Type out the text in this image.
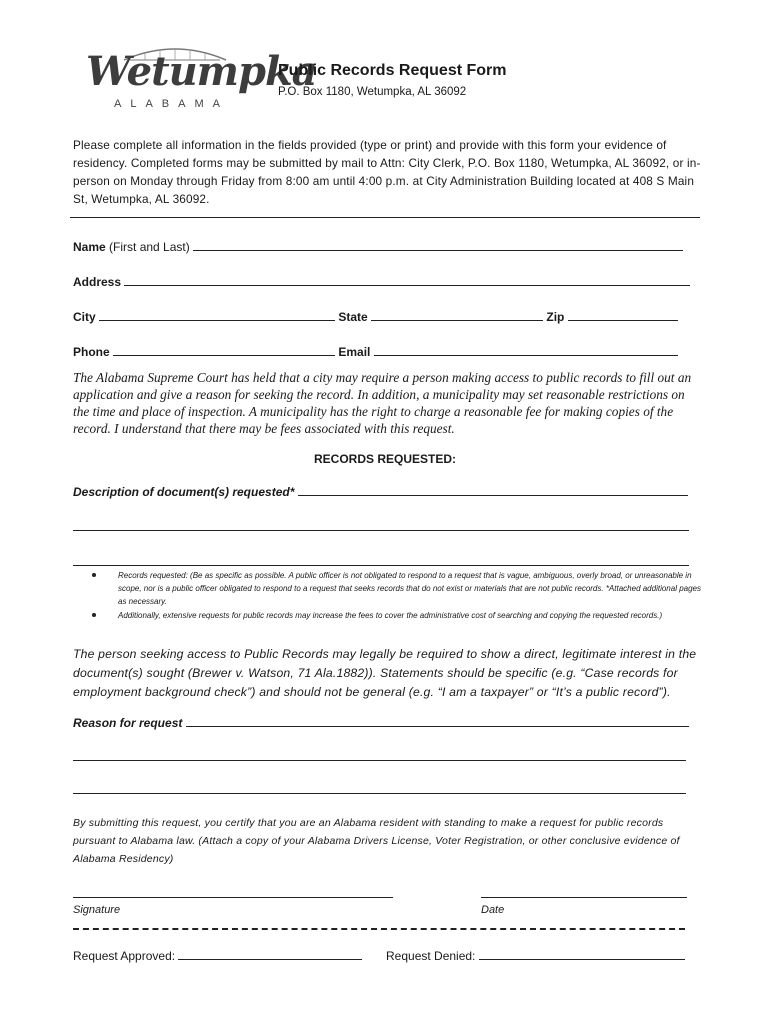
Wetumpka
ALABAMA
Public Records Request Form
P.O. Box 1180, Wetumpka, AL 36092
Please complete all information in the fields provided (type or print) and provide with this form your evidence of residency. Completed forms may be submitted by mail to Attn: City Clerk, P.O. Box 1180, Wetumpka, AL 36092, or in-person on Monday through Friday from 8:00 am until 4:00 p.m. at City Administration Building located at 408 S Main St, Wetumpka, AL 36092.
Name (First and Last)
Address
City	State	Zip
Phone	Email
The Alabama Supreme Court has held that a city may require a person making access to public records to fill out an application and give a reason for seeking the record. In addition, a municipality may set reasonable restrictions on the time and place of inspection. A municipality has the right to charge a reasonable fee for making copies of the record. I understand that there may be fees associated with this request.
RECORDS REQUESTED:
Description of document(s) requested*
Records requested: (Be as specific as possible. A public officer is not obligated to respond to a request that is vague, ambiguous, overly broad, or unreasonable in scope, nor is a public officer obligated to respond to a request that seeks records that do not exist or materials that are not public records. *Attached additional pages as necessary.
Additionally, extensive requests for public records may increase the fees to cover the administrative cost of searching and copying the requested records.)
The person seeking access to Public Records may legally be required to show a direct, legitimate interest in the document(s) sought (Brewer v. Watson, 71 Ala.1882)). Statements should be specific (e.g. “Case records for employment background check”) and should not be general (e.g. “I am a taxpayer” or “It’s a public record”).
Reason for request
By submitting this request, you certify that you are an Alabama resident with standing to make a request for public records pursuant to Alabama law. (Attach a copy of your Alabama Drivers License, Voter Registration, or other conclusive evidence of Alabama Residency)
Signature	Date
Request Approved:	Request Denied:
